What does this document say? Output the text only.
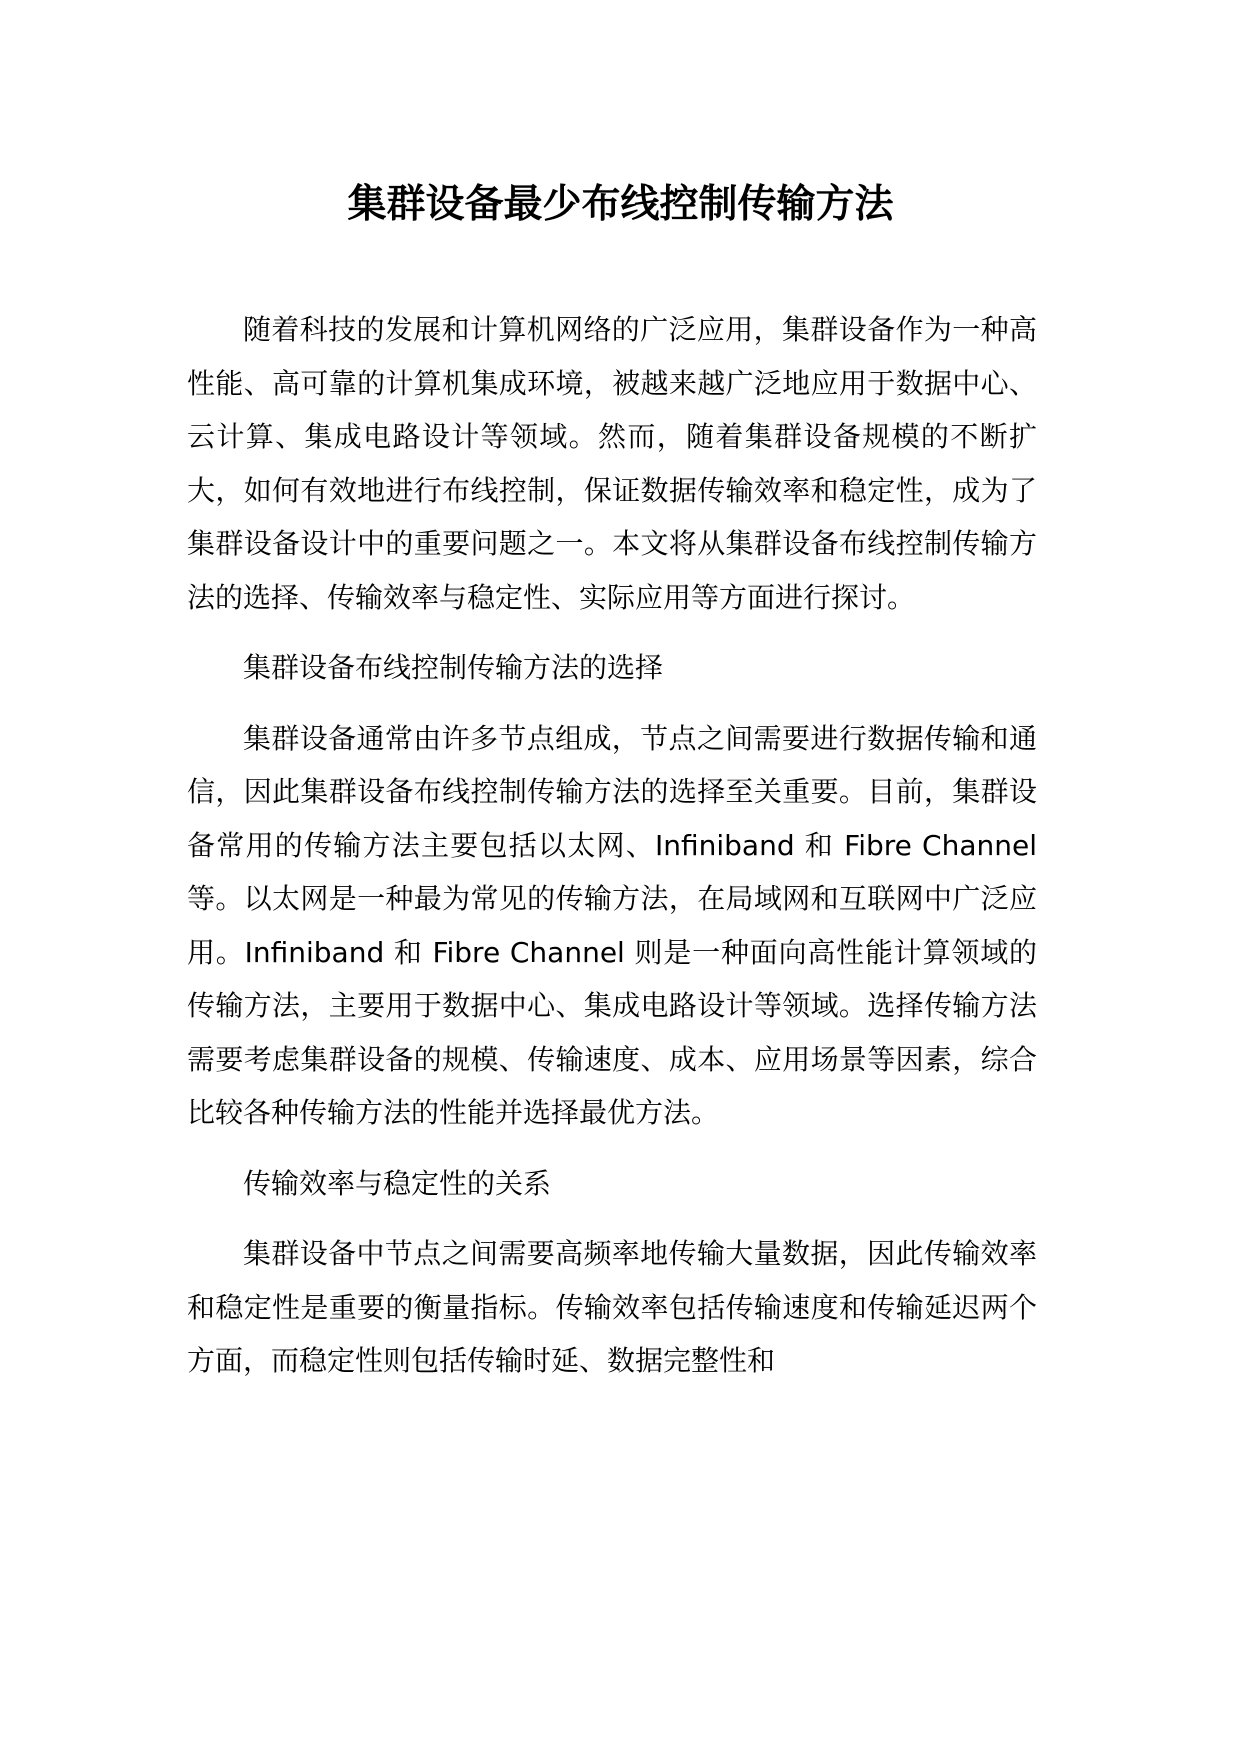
集群设备最少布线控制传输方法

随着科技的发展和计算机网络的广泛应用，集群设备作为一种高性能、高可靠的计算机集成环境，被越来越广泛地应用于数据中心、云计算、集成电路设计等领域。然而，随着集群设备规模的不断扩大，如何有效地进行布线控制，保证数据传输效率和稳定性，成为了集群设备设计中的重要问题之一。本文将从集群设备布线控制传输方法的选择、传输效率与稳定性、实际应用等方面进行探讨。

集群设备布线控制传输方法的选择

集群设备通常由许多节点组成，节点之间需要进行数据传输和通信，因此集群设备布线控制传输方法的选择至关重要。目前，集群设备常用的传输方法主要包括以太网、Infiniband 和 Fibre Channel 等。以太网是一种最为常见的传输方法，在局域网和互联网中广泛应用。Infiniband 和 Fibre Channel 则是一种面向高性能计算领域的传输方法，主要用于数据中心、集成电路设计等领域。选择传输方法需要考虑集群设备的规模、传输速度、成本、应用场景等因素，综合比较各种传输方法的性能并选择最优方法。

传输效率与稳定性的关系

集群设备中节点之间需要高频率地传输大量数据，因此传输效率和稳定性是重要的衡量指标。传输效率包括传输速度和传输延迟两个方面，而稳定性则包括传输时延、数据完整性和
